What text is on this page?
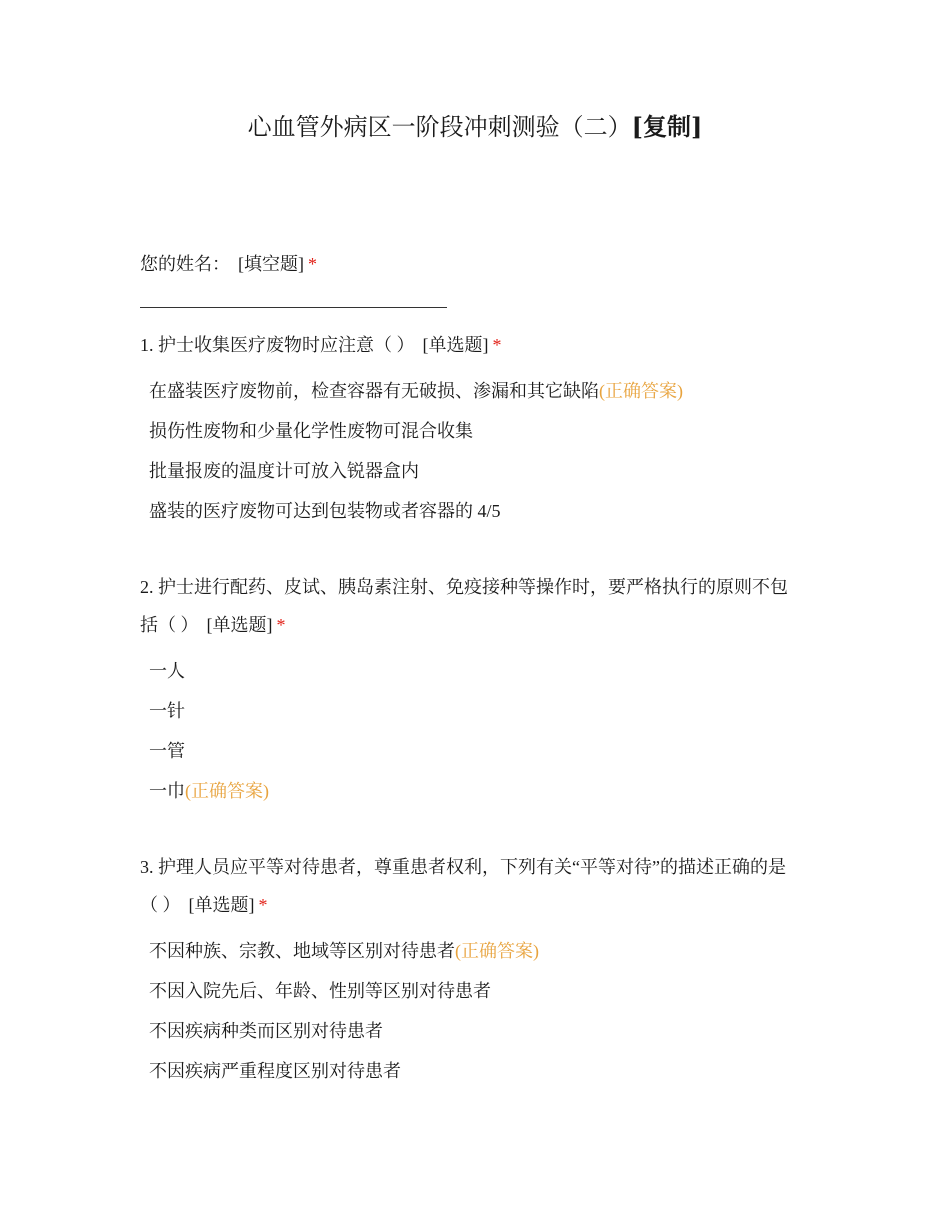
心血管外病区一阶段冲刺测验（二）[复制]
您的姓名： [填空题] *
1. 护士收集医疗废物时应注意（ ） [单选题] *
在盛装医疗废物前，检查容器有无破损、渗漏和其它缺陷(正确答案)
损伤性废物和少量化学性废物可混合收集
批量报废的温度计可放入锐器盒内
盛装的医疗废物可达到包装物或者容器的 4/5
2. 护士进行配药、皮试、胰岛素注射、免疫接种等操作时，要严格执行的原则不包
括（ ） [单选题] *
一人
一针
一管
一巾(正确答案)
3. 护理人员应平等对待患者，尊重患者权利，下列有关“平等对待”的描述正确的是
（ ） [单选题] *
不因种族、宗教、地域等区别对待患者(正确答案)
不因入院先后、年龄、性别等区别对待患者
不因疾病种类而区别对待患者
不因疾病严重程度区别对待患者
